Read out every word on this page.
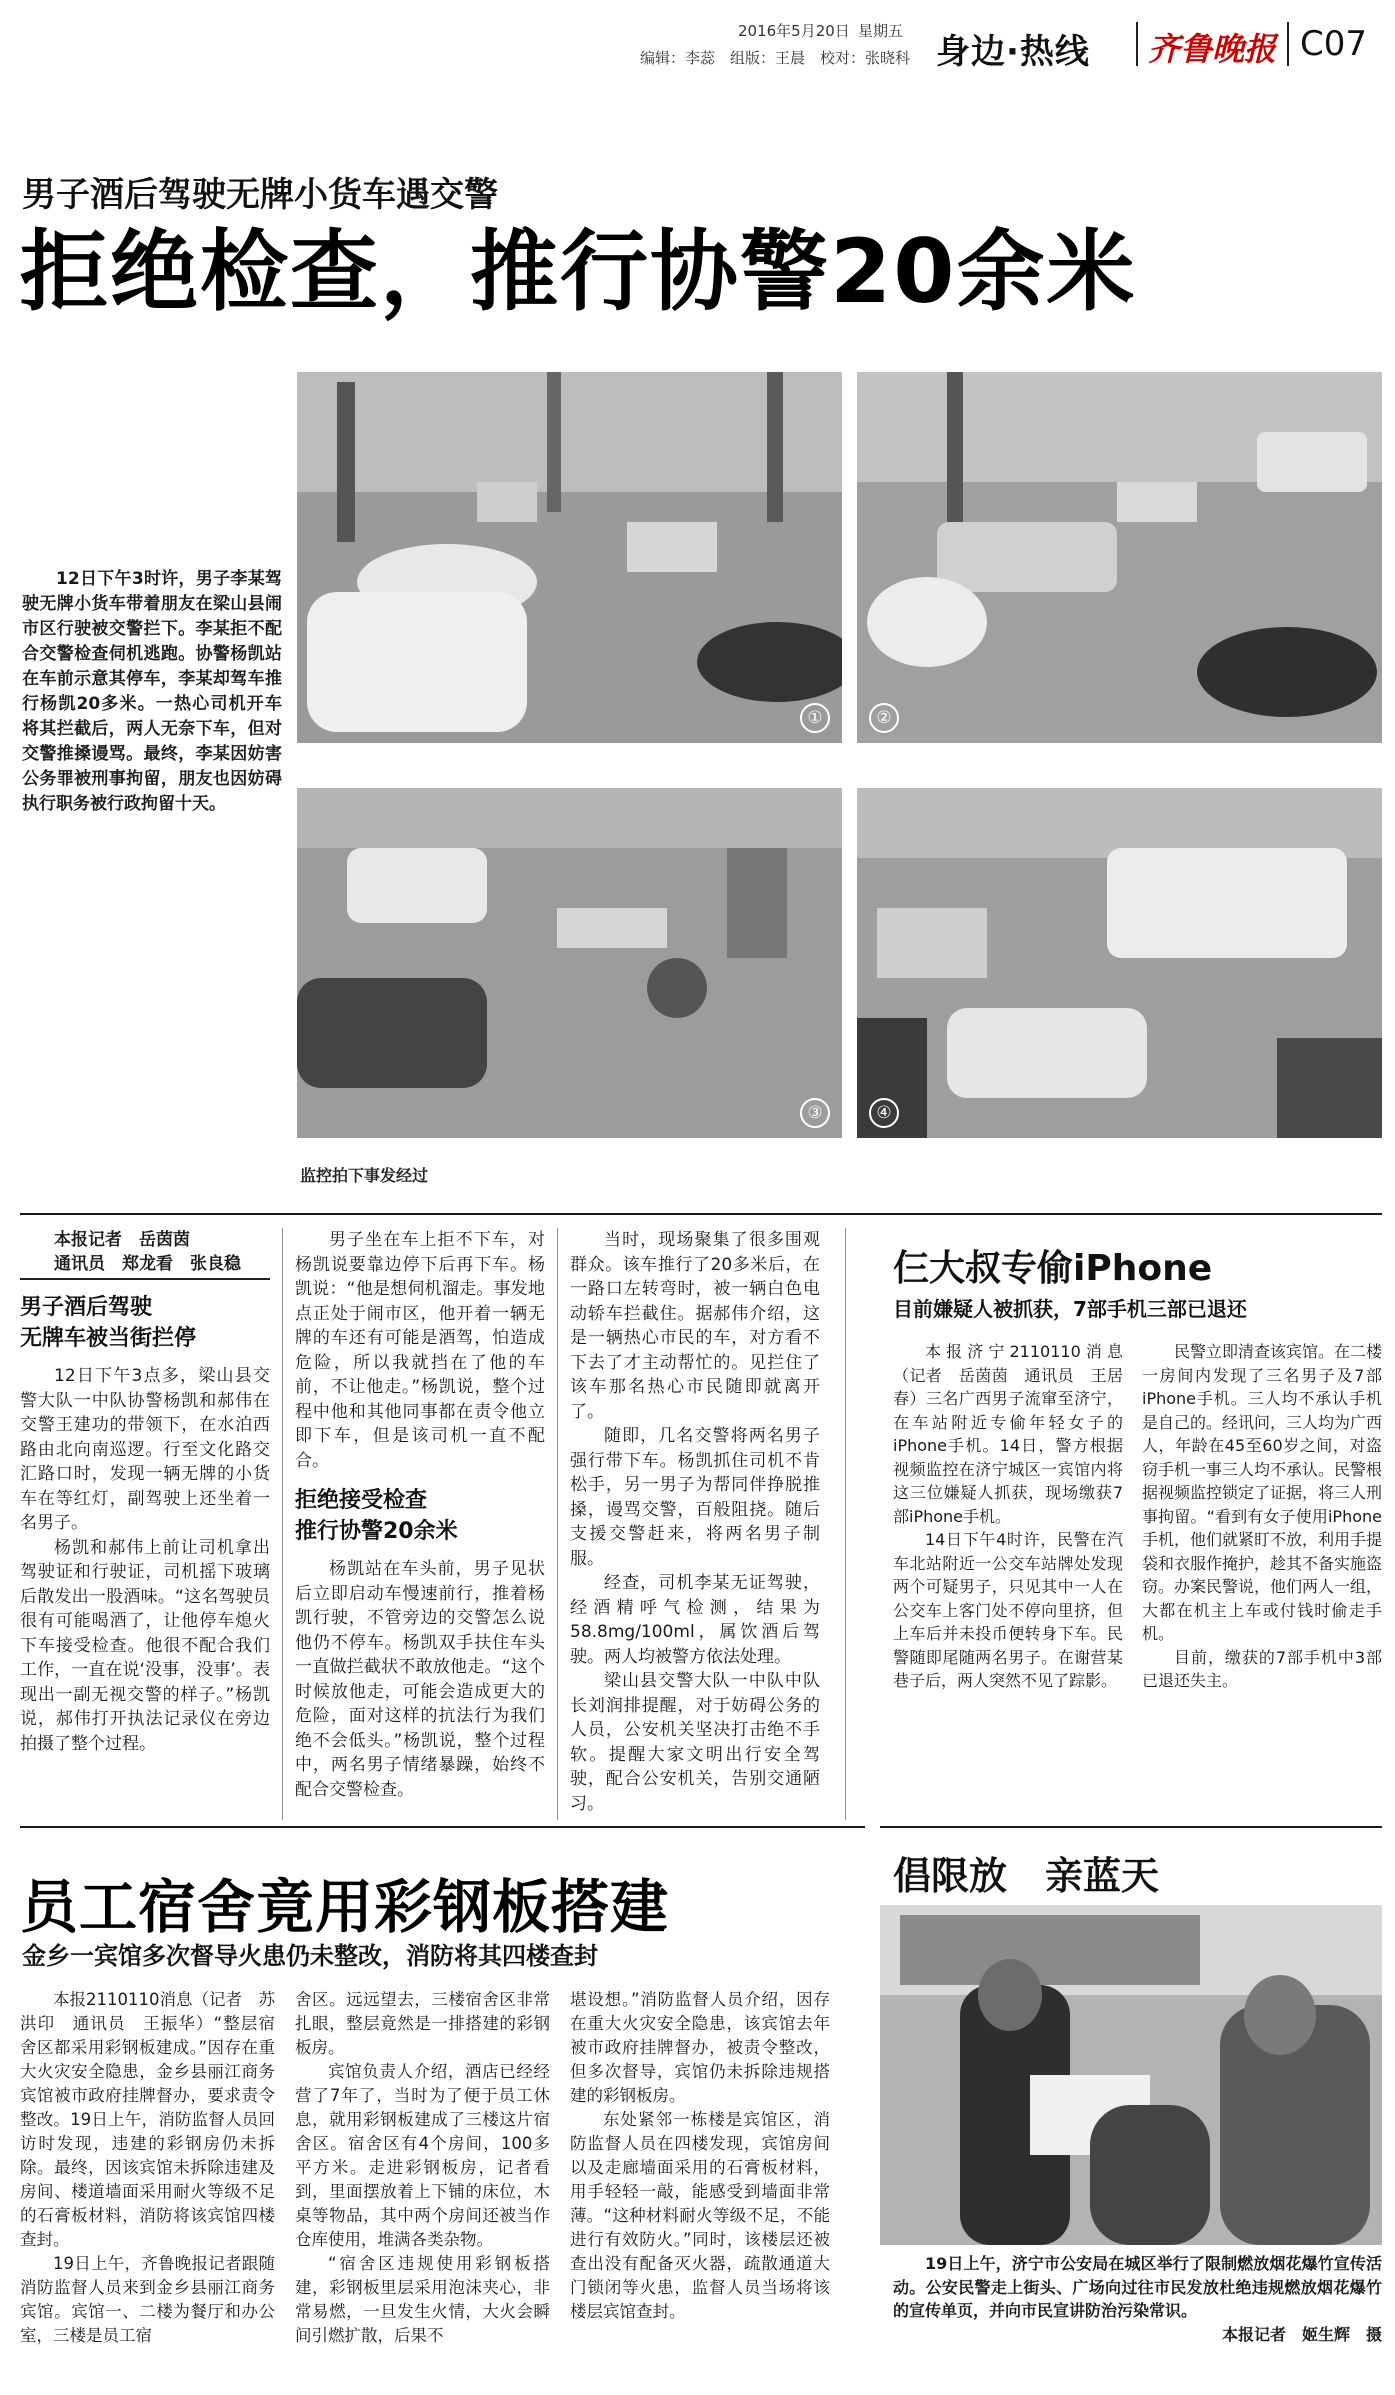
2016年5月20日 星期五
编辑：李蕊　组版：王晨　校对：张晓科 身边·热线 齐鲁晚报 C07
男子酒后驾驶无牌小货车遇交警
拒绝检查，推行协警20余米

12日下午3时许，男子李某驾驶无牌小货车带着朋友在梁山县闹市区行驶被交警拦下。李某拒不配合交警检查伺机逃跑。协警杨凯站在车前示意其停车，李某却驾车推行杨凯20多米。一热心司机开车将其拦截后，两人无奈下车，但对交警推搡谩骂。最终，李某因妨害公务罪被刑事拘留，朋友也因妨碍执行职务被行政拘留十天。

①	②
③	④
监控拍下事发经过

本报记者　岳茵茵

通讯员　郑龙看　张良稳

男子酒后驾驶
无牌车被当街拦停

12日下午3点多，梁山县交警大队一中队协警杨凯和郝伟在交警王建功的带领下，在水泊西路由北向南巡逻。行至文化路交汇路口时，发现一辆无牌的小货车在等红灯，副驾驶上还坐着一名男子。

杨凯和郝伟上前让司机拿出驾驶证和行驶证，司机摇下玻璃后散发出一股酒味。“这名驾驶员很有可能喝酒了，让他停车熄火下车接受检查。他很不配合我们工作，一直在说‘没事，没事’。表现出一副无视交警的样子。”杨凯说，郝伟打开执法记录仪在旁边拍摄了整个过程。

男子坐在车上拒不下车，对杨凯说要靠边停下后再下车。杨凯说：“他是想伺机溜走。事发地点正处于闹市区，他开着一辆无牌的车还有可能是酒驾，怕造成危险，所以我就挡在了他的车前，不让他走。”杨凯说，整个过程中他和其他同事都在责令他立即下车，但是该司机一直不配合。

拒绝接受检查
推行协警20余米

杨凯站在车头前，男子见状后立即启动车慢速前行，推着杨凯行驶，不管旁边的交警怎么说他仍不停车。杨凯双手扶住车头一直做拦截状不敢放他走。“这个时候放他走，可能会造成更大的危险，面对这样的抗法行为我们绝不会低头。”杨凯说，整个过程中，两名男子情绪暴躁，始终不配合交警检查。

当时，现场聚集了很多围观群众。该车推行了20多米后，在一路口左转弯时，被一辆白色电动轿车拦截住。据郝伟介绍，这是一辆热心市民的车，对方看不下去了才主动帮忙的。见拦住了该车那名热心市民随即就离开了。

随即，几名交警将两名男子强行带下车。杨凯抓住司机不肯松手，另一男子为帮同伴挣脱推搡，谩骂交警，百般阻挠。随后支援交警赶来，将两名男子制服。

经查，司机李某无证驾驶，经酒精呼气检测，结果为58.8mg/100ml，属饮酒后驾驶。两人均被警方依法处理。

梁山县交警大队一中队中队长刘润排提醒，对于妨碍公务的人员，公安机关坚决打击绝不手软。提醒大家文明出行安全驾驶，配合公安机关，告别交通陋习。

仨大叔专偷iPhone
目前嫌疑人被抓获，7部手机三部已退还

本报济宁2110110消息（记者　岳茵茵　通讯员　王居春）三名广西男子流窜至济宁，在车站附近专偷年轻女子的iPhone手机。14日，警方根据视频监控在济宁城区一宾馆内将这三位嫌疑人抓获，现场缴获7部iPhone手机。

14日下午4时许，民警在汽车北站附近一公交车站牌处发现两个可疑男子，只见其中一人在公交车上客门处不停向里挤，但上车后并未投币便转身下车。民警随即尾随两名男子。在谢营某巷子后，两人突然不见了踪影。

民警立即清查该宾馆。在二楼一房间内发现了三名男子及7部iPhone手机。三人均不承认手机是自己的。经讯问，三人均为广西人，年龄在45至60岁之间，对盗窃手机一事三人均不承认。民警根据视频监控锁定了证据，将三人刑事拘留。“看到有女子使用iPhone手机，他们就紧盯不放，利用手提袋和衣服作掩护，趁其不备实施盗窃。办案民警说，他们两人一组，大都在机主上车或付钱时偷走手机。

目前，缴获的7部手机中3部已退还失主。

员工宿舍竟用彩钢板搭建
金乡一宾馆多次督导火患仍未整改，消防将其四楼查封

本报2110110消息（记者　苏洪印　通讯员　王振华）“整层宿舍区都采用彩钢板建成。”因存在重大火灾安全隐患，金乡县丽江商务宾馆被市政府挂牌督办，要求责令整改。19日上午，消防监督人员回访时发现，违建的彩钢房仍未拆除。最终，因该宾馆未拆除违建及房间、楼道墙面采用耐火等级不足的石膏板材料，消防将该宾馆四楼查封。

19日上午，齐鲁晚报记者跟随消防监督人员来到金乡县丽江商务宾馆。宾馆一、二楼为餐厅和办公室，三楼是员工宿

舍区。远远望去，三楼宿舍区非常扎眼，整层竟然是一排搭建的彩钢板房。

宾馆负责人介绍，酒店已经经营了7年了，当时为了便于员工休息，就用彩钢板建成了三楼这片宿舍区。宿舍区有4个房间，100多平方米。走进彩钢板房，记者看到，里面摆放着上下铺的床位，木桌等物品，其中两个房间还被当作仓库使用，堆满各类杂物。

“宿舍区违规使用彩钢板搭建，彩钢板里层采用泡沫夹心，非常易燃，一旦发生火情，大火会瞬间引燃扩散，后果不

堪设想。”消防监督人员介绍，因存在重大火灾安全隐患，该宾馆去年被市政府挂牌督办，被责令整改，但多次督导，宾馆仍未拆除违规搭建的彩钢板房。

东处紧邻一栋楼是宾馆区，消防监督人员在四楼发现，宾馆房间以及走廊墙面采用的石膏板材料，用手轻轻一敲，能感受到墙面非常薄。“这种材料耐火等级不足，不能进行有效防火。”同时，该楼层还被查出没有配备灭火器，疏散通道大门锁闭等火患，监督人员当场将该楼层宾馆查封。

倡限放　亲蓝天

19日上午，济宁市公安局在城区举行了限制燃放烟花爆竹宣传活动。公安民警走上街头、广场向过往市民发放杜绝违规燃放烟花爆竹的宣传单页，并向市民宣讲防治污染常识。

本报记者　姬生辉　摄
